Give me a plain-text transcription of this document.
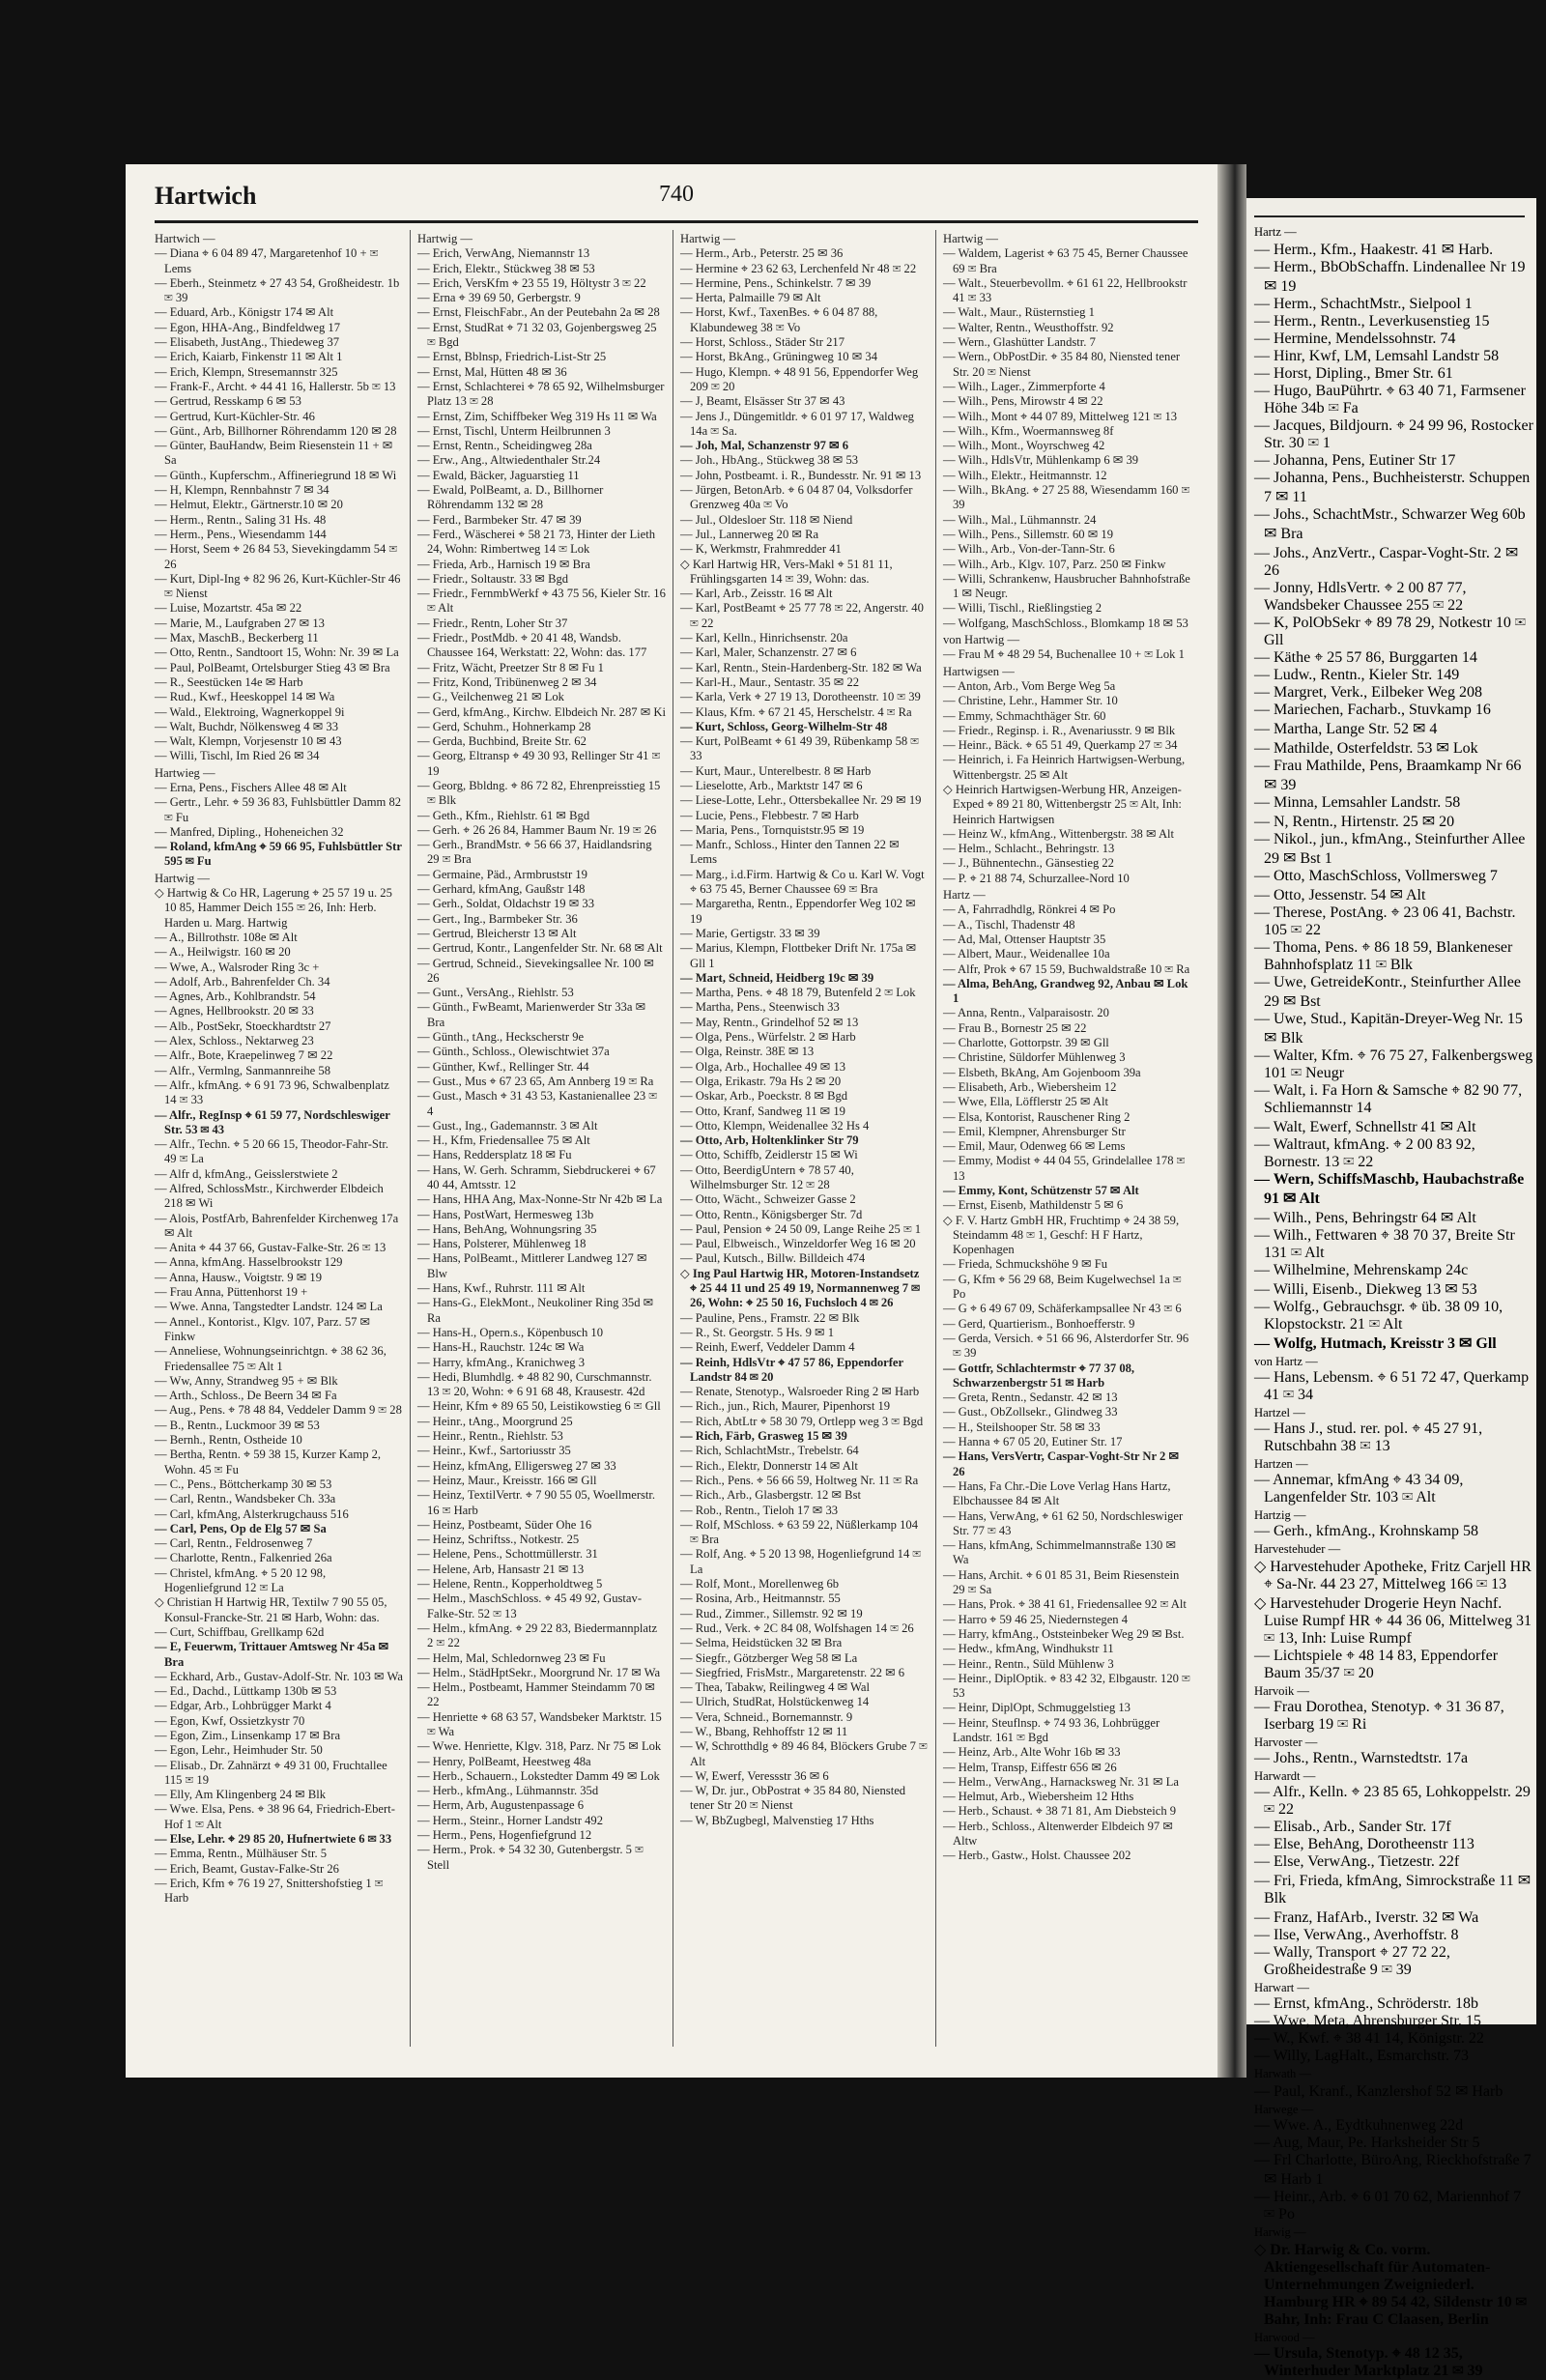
Hartwich	740

Hartwich —

— Diana ⌖ 6 04 89 47, Margaretenhof 10 + ✉ Lems

— Eberh., Steinmetz ⌖ 27 43 54, Großheidestr. 1b ✉ 39

— Eduard, Arb., Königstr 174 ✉ Alt

— Egon, HHA-Ang., Bindfeldweg 17

— Elisabeth, JustAng., Thiedeweg 37

— Erich, Kaiarb, Finkenstr 11 ✉ Alt 1

— Erich, Klempn, Stresemannstr 325

— Frank-F., Archt. ⌖ 44 41 16, Hallerstr. 5b ✉ 13

— Gertrud, Resskamp 6 ✉ 53

— Gertrud, Kurt-Küchler-Str. 46

— Günt., Arb, Billhorner Röhrendamm 120 ✉ 28

— Günter, BauHandw, Beim Riesenstein 11 + ✉ Sa

— Günth., Kupferschm., Affineriegrund 18 ✉ Wi

— H, Klempn, Rennbahnstr 7 ✉ 34

— Helmut, Elektr., Gärtnerstr.10 ✉ 20

— Herm., Rentn., Saling 31 Hs. 48

— Herm., Pens., Wiesendamm 144

— Horst, Seem ⌖ 26 84 53, Sievekingdamm 54 ✉ 26

— Kurt, Dipl-Ing ⌖ 82 96 26, Kurt-Küchler-Str 46 ✉ Nienst

— Luise, Mozartstr. 45a ✉ 22

— Marie, M., Laufgraben 27 ✉ 13

— Max, MaschB., Beckerberg 11

— Otto, Rentn., Sandtoort 15, Wohn: Nr. 39 ✉ La

— Paul, PolBeamt, Ortelsburger Stieg 43 ✉ Bra

— R., Seestücken 14e ✉ Harb

— Rud., Kwf., Heeskoppel 14 ✉ Wa

— Wald., Elektroing, Wagnerkoppel 9i

— Walt, Buchdr, Nölkensweg 4 ✉ 33

— Walt, Klempn, Vorjesenstr 10 ✉ 43

— Willi, Tischl, Im Ried 26 ✉ 34

Hartwieg —

— Erna, Pens., Fischers Allee 48 ✉ Alt

— Gertr., Lehr. ⌖ 59 36 83, Fuhlsbüttler Damm 82 ✉ Fu

— Manfred, Dipling., Hoheneichen 32

— Roland, kfmAng ⌖ 59 66 95, Fuhlsbüttler Str 595 ✉ Fu

Hartwig —

◇ Hartwig & Co HR, Lagerung ⌖ 25 57 19 u. 25 10 85, Hammer Deich 155 ✉ 26, Inh: Herb. Harden u. Marg. Hartwig

— A., Billrothstr. 108e ✉ Alt

— A., Heilwigstr. 160 ✉ 20

— Wwe, A., Walsroder Ring 3c +

— Adolf, Arb., Bahrenfelder Ch. 34

— Agnes, Arb., Kohlbrandstr. 54

— Agnes, Hellbrookstr. 20 ✉ 33

— Alb., PostSekr, Stoeckhardtstr 27

— Alex, Schloss., Nektarweg 23

— Alfr., Bote, Kraepelinweg 7 ✉ 22

— Alfr., Vermlng, Sanmannreihe 58

— Alfr., kfmAng. ⌖ 6 91 73 96, Schwalbenplatz 14 ✉ 33

— Alfr., RegInsp ⌖ 61 59 77, Nordschleswiger Str. 53 ✉ 43

— Alfr., Techn. ⌖ 5 20 66 15, Theodor-Fahr-Str. 49 ✉ La

— Alfr d, kfmAng., Geisslerstwiete 2

— Alfred, SchlossMstr., Kirchwerder Elbdeich 218 ✉ Wi

— Alois, PostfArb, Bahrenfelder Kirchenweg 17a ✉ Alt

— Anita ⌖ 44 37 66, Gustav-Falke-Str. 26 ✉ 13

— Anna, kfmAng. Hasselbrookstr 129

— Anna, Hausw., Voigtstr. 9 ✉ 19

— Frau Anna, Püttenhorst 19 +

— Wwe. Anna, Tangstedter Landstr. 124 ✉ La

— Annel., Kontorist., Klgv. 107, Parz. 57 ✉ Finkw

— Anneliese, Wohnungseinrichtgn. ⌖ 38 62 36, Friedensallee 75 ✉ Alt 1

— Ww, Anny, Strandweg 95 + ✉ Blk

— Arth., Schloss., De Beern 34 ✉ Fa

— Aug., Pens. ⌖ 78 48 84, Veddeler Damm 9 ✉ 28

— B., Rentn., Luckmoor 39 ✉ 53

— Bernh., Rentn, Ostheide 10

— Bertha, Rentn. ⌖ 59 38 15, Kurzer Kamp 2, Wohn. 45 ✉ Fu

— C., Pens., Böttcherkamp 30 ✉ 53

— Carl, Rentn., Wandsbeker Ch. 33a

— Carl, kfmAng, Alsterkrugchauss 516

— Carl, Pens, Op de Elg 57 ✉ Sa

— Carl, Rentn., Feldrosenweg 7

— Charlotte, Rentn., Falkenried 26a

— Christel, kfmAng. ⌖ 5 20 12 98, Hogenliefgrund 12 ✉ La

◇ Christian H Hartwig HR, Textilw 7 90 55 05, Konsul-Francke-Str. 21 ✉ Harb, Wohn: das.

— Curt, Schiffbau, Grellkamp 62d

— E, Feuerwm, Trittauer Amtsweg Nr 45a ✉ Bra

— Eckhard, Arb., Gustav-Adolf-Str. Nr. 103 ✉ Wa

— Ed., Dachd., Lüttkamp 130b ✉ 53

— Edgar, Arb., Lohbrügger Markt 4

— Egon, Kwf, Ossietzkystr 70

— Egon, Zim., Linsenkamp 17 ✉ Bra

— Egon, Lehr., Heimhuder Str. 50

— Elisab., Dr. Zahnärzt ⌖ 49 31 00, Fruchtallee 115 ✉ 19

— Elly, Am Klingenberg 24 ✉ Blk

— Wwe. Elsa, Pens. ⌖ 38 96 64, Friedrich-Ebert-Hof 1 ✉ Alt

— Else, Lehr. ⌖ 29 85 20, Hufnertwiete 6 ✉ 33

— Emma, Rentn., Mülhäuser Str. 5

— Erich, Beamt, Gustav-Falke-Str 26

— Erich, Kfm ⌖ 76 19 27, Snittershofstieg 1 ✉ Harb

Hartwig —

— Erich, VerwAng, Niemannstr 13

— Erich, Elektr., Stückweg 38 ✉ 53

— Erich, VersKfm ⌖ 23 55 19, Höltystr 3 ✉ 22

— Erna ⌖ 39 69 50, Gerbergstr. 9

— Ernst, FleischFabr., An der Peutebahn 2a ✉ 28

— Ernst, StudRat ⌖ 71 32 03, Gojenbergsweg 25 ✉ Bgd

— Ernst, Bblnsp, Friedrich-List-Str 25

— Ernst, Mal, Hütten 48 ✉ 36

— Ernst, Schlachterei ⌖ 78 65 92, Wilhelmsburger Platz 13 ✉ 28

— Ernst, Zim, Schiffbeker Weg 319 Hs 11 ✉ Wa

— Ernst, Tischl, Unterm Heilbrunnen 3

— Ernst, Rentn., Scheidingweg 28a

— Erw., Ang., Altwiedenthaler Str.24

— Ewald, Bäcker, Jaguarstieg 11

— Ewald, PolBeamt, a. D., Billhorner Röhrendamm 132 ✉ 28

— Ferd., Barmbeker Str. 47 ✉ 39

— Ferd., Wäscherei ⌖ 58 21 73, Hinter der Lieth 24, Wohn: Rimbertweg 14 ✉ Lok

— Frieda, Arb., Harnisch 19 ✉ Bra

— Friedr., Soltaustr. 33 ✉ Bgd

— Friedr., FernmbWerkf ⌖ 43 75 56, Kieler Str. 16 ✉ Alt

— Friedr., Rentn, Loher Str 37

— Friedr., PostMdb. ⌖ 20 41 48, Wandsb. Chaussee 164, Werkstatt: 22, Wohn: das. 177

— Fritz, Wächt, Preetzer Str 8 ✉ Fu 1

— Fritz, Kond, Tribünenweg 2 ✉ 34

— G., Veilchenweg 21 ✉ Lok

— Gerd, kfmAng., Kirchw. Elbdeich Nr. 287 ✉ Ki

— Gerd, Schuhm., Hohnerkamp 28

— Gerda, Buchbind, Breite Str. 62

— Georg, Eltransp ⌖ 49 30 93, Rellinger Str 41 ✉ 19

— Georg, Bbldng. ⌖ 86 72 82, Ehrenpreisstieg 15 ✉ Blk

— Geth., Kfm., Riehlstr. 61 ✉ Bgd

— Gerh. ⌖ 26 26 84, Hammer Baum Nr. 19 ✉ 26

— Gerh., BrandMstr. ⌖ 56 66 37, Haidlandsring 29 ✉ Bra

— Germaine, Päd., Armbruststr 19

— Gerhard, kfmAng, Gaußstr 148

— Gerh., Soldat, Oldachstr 19 ✉ 33

— Gert., Ing., Barmbeker Str. 36

— Gertrud, Bleicherstr 13 ✉ Alt

— Gertrud, Kontr., Langenfelder Str. Nr. 68 ✉ Alt

— Gertrud, Schneid., Sievekingsallee Nr. 100 ✉ 26

— Gunt., VersAng., Riehlstr. 53

— Günth., FwBeamt, Marienwerder Str 33a ✉ Bra

— Günth., tAng., Heckscherstr 9e

— Günth., Schloss., Olewischtwiet 37a

— Günther, Kwf., Rellinger Str. 44

— Gust., Mus ⌖ 67 23 65, Am Annberg 19 ✉ Ra

— Gust., Masch ⌖ 31 43 53, Kastanienallee 23 ✉ 4

— Gust., Ing., Gademannstr. 3 ✉ Alt

— H., Kfm, Friedensallee 75 ✉ Alt

— Hans, Reddersplatz 18 ✉ Fu

— Hans, W. Gerh. Schramm, Siebdruckerei ⌖ 67 40 44, Amtsstr. 12

— Hans, HHA Ang, Max-Nonne-Str Nr 42b ✉ La

— Hans, PostWart, Hermesweg 13b

— Hans, BehAng, Wohnungsring 35

— Hans, Polsterer, Mühlenweg 18

— Hans, PolBeamt., Mittlerer Landweg 127 ✉ Blw

— Hans, Kwf., Ruhrstr. 111 ✉ Alt

— Hans-G., ElekMont., Neukoliner Ring 35d ✉ Ra

— Hans-H., Opern.s., Köpenbusch 10

— Hans-H., Rauchstr. 124c ✉ Wa

— Harry, kfmAng., Kranichweg 3

— Hedi, Blumhdlg. ⌖ 48 82 90, Curschmannstr. 13 ✉ 20, Wohn: ⌖ 6 91 68 48, Krausestr. 42d

— Heinr, Kfm ⌖ 89 65 50, Leistikowstieg 6 ✉ Gll

— Heinr., tAng., Moorgrund 25

— Heinr., Rentn., Riehlstr. 53

— Heinr., Kwf., Sartoriusstr 35

— Heinz, kfmAng, Elligersweg 27 ✉ 33

— Heinz, Maur., Kreisstr. 166 ✉ Gll

— Heinz, TextilVertr. ⌖ 7 90 55 05, Woellmerstr. 16 ✉ Harb

— Heinz, Postbeamt, Süder Ohe 16

— Heinz, Schriftss., Notkestr. 25

— Helene, Pens., Schottmüllerstr. 31

— Helene, Arb, Hansastr 21 ✉ 13

— Helene, Rentn., Kopperholdtweg 5

— Helm., MaschSchloss. ⌖ 45 49 92, Gustav-Falke-Str. 52 ✉ 13

— Helm., kfmAng. ⌖ 29 22 83, Biedermannplatz 2 ✉ 22

— Helm, Mal, Schledornweg 23 ✉ Fu

— Helm., StädHptSekr., Moorgrund Nr. 17 ✉ Wa

— Helm., Postbeamt, Hammer Steindamm 70 ✉ 22

— Henriette ⌖ 68 63 57, Wandsbeker Marktstr. 15 ✉ Wa

— Wwe. Henriette, Klgv. 318, Parz. Nr 75 ✉ Lok

— Henry, PolBeamt, Heestweg 48a

— Herb., Schauern., Lokstedter Damm 49 ✉ Lok

— Herb., kfmAng., Lühmannstr. 35d

— Herm, Arb, Augustenpassage 6

— Herm., Steinr., Horner Landstr 492

— Herm., Pens, Hogenfiefgrund 12

— Herm., Prok. ⌖ 54 32 30, Gutenbergstr. 5 ✉ Stell

Hartwig —

— Herm., Arb., Peterstr. 25 ✉ 36

— Hermine ⌖ 23 62 63, Lerchenfeld Nr 48 ✉ 22

— Hermine, Pens., Schinkelstr. 7 ✉ 39

— Herta, Palmaille 79 ✉ Alt

— Horst, Kwf., TaxenBes. ⌖ 6 04 87 88, Klabundeweg 38 ✉ Vo

— Horst, Schloss., Städer Str 217

— Horst, BkAng., Grüningweg 10 ✉ 34

— Hugo, Klempn. ⌖ 48 91 56, Eppendorfer Weg 209 ✉ 20

— J, Beamt, Elsässer Str 37 ✉ 43

— Jens J., Düngemitldr. ⌖ 6 01 97 17, Waldweg 14a ✉ Sa.

— Joh, Mal, Schanzenstr 97 ✉ 6

— Joh., HbAng., Stückweg 38 ✉ 53

— John, Postbeamt. i. R., Bundesstr. Nr. 91 ✉ 13

— Jürgen, BetonArb. ⌖ 6 04 87 04, Volksdorfer Grenzweg 40a ✉ Vo

— Jul., Oldesloer Str. 118 ✉ Niend

— Jul., Lannerweg 20 ✉ Ra

— K, Werkmstr, Frahmredder 41

◇ Karl Hartwig HR, Vers-Makl ⌖ 51 81 11, Frühlingsgarten 14 ✉ 39, Wohn: das.

— Karl, Arb., Zeisstr. 16 ✉ Alt

— Karl, PostBeamt ⌖ 25 77 78 ✉ 22, Angerstr. 40 ✉ 22

— Karl, Kelln., Hinrichsenstr. 20a

— Karl, Maler, Schanzenstr. 27 ✉ 6

— Karl, Rentn., Stein-Hardenberg-Str. 182 ✉ Wa

— Karl-H., Maur., Sentastr. 35 ✉ 22

— Karla, Verk ⌖ 27 19 13, Dorotheenstr. 10 ✉ 39

— Klaus, Kfm. ⌖ 67 21 45, Herschelstr. 4 ✉ Ra

— Kurt, Schloss, Georg-Wilhelm-Str 48

— Kurt, PolBeamt ⌖ 61 49 39, Rübenkamp 58 ✉ 33

— Kurt, Maur., Unterelbestr. 8 ✉ Harb

— Lieselotte, Arb., Marktstr 147 ✉ 6

— Liese-Lotte, Lehr., Ottersbekallee Nr. 29 ✉ 19

— Lucie, Pens., Flebbestr. 7 ✉ Harb

— Maria, Pens., Tornquiststr.95 ✉ 19

— Manfr., Schloss., Hinter den Tannen 22 ✉ Lems

— Marg., i.d.Firm. Hartwig & Co u. Karl W. Vogt ⌖ 63 75 45, Berner Chaussee 69 ✉ Bra

— Margaretha, Rentn., Eppendorfer Weg 102 ✉ 19

— Marie, Gertigstr. 33 ✉ 39

— Marius, Klempn, Flottbeker Drift Nr. 175a ✉ Gll 1

— Mart, Schneid, Heidberg 19c ✉ 39

— Martha, Pens. ⌖ 48 18 79, Butenfeld 2 ✉ Lok

— Martha, Pens., Steenwisch 33

— May, Rentn., Grindelhof 52 ✉ 13

— Olga, Pens., Würfelstr. 2 ✉ Harb

— Olga, Reinstr. 38E ✉ 13

— Olga, Arb., Hochallee 49 ✉ 13

— Olga, Erikastr. 79a Hs 2 ✉ 20

— Oskar, Arb., Poeckstr. 8 ✉ Bgd

— Otto, Kranf, Sandweg 11 ✉ 19

— Otto, Klempn, Weidenallee 32 Hs 4

— Otto, Arb, Holtenklinker Str 79

— Otto, Schiffb, Zeidlerstr 15 ✉ Wi

— Otto, BeerdigUntern ⌖ 78 57 40, Wilhelmsburger Str. 12 ✉ 28

— Otto, Wächt., Schweizer Gasse 2

— Otto, Rentn., Königsberger Str. 7d

— Paul, Pension ⌖ 24 50 09, Lange Reihe 25 ✉ 1

— Paul, Elbweisch., Winzeldorfer Weg 16 ✉ 20

— Paul, Kutsch., Billw. Billdeich 474

◇ Ing Paul Hartwig HR, Motoren-Instandsetz ⌖ 25 44 11 und 25 49 19, Normannenweg 7 ✉ 26, Wohn: ⌖ 25 50 16, Fuchsloch 4 ✉ 26

— Pauline, Pens., Framstr. 22 ✉ Blk

— R., St. Georgstr. 5 Hs. 9 ✉ 1

— Reinh, Ewerf, Veddeler Damm 4

— Reinh, HdlsVtr ⌖ 47 57 86, Eppendorfer Landstr 84 ✉ 20

— Renate, Stenotyp., Walsroeder Ring 2 ✉ Harb

— Rich., jun., Rich, Maurer, Pipenhorst 19

— Rich, AbtLtr ⌖ 58 30 79, Ortlepp weg 3 ✉ Bgd

— Rich, Färb, Grasweg 15 ✉ 39

— Rich, SchlachtMstr., Trebelstr. 64

— Rich., Elektr, Donnerstr 14 ✉ Alt

— Rich., Pens. ⌖ 56 66 59, Holtweg Nr. 11 ✉ Ra

— Rich., Arb., Glasbergstr. 12 ✉ Bst

— Rob., Rentn., Tieloh 17 ✉ 33

— Rolf, MSchloss. ⌖ 63 59 22, Nüßlerkamp 104 ✉ Bra

— Rolf, Ang. ⌖ 5 20 13 98, Hogenliefgrund 14 ✉ La

— Rolf, Mont., Morellenweg 6b

— Rosina, Arb., Heitmannstr. 55

— Rud., Zimmer., Sillemstr. 92 ✉ 19

— Rud., Verk. ⌖ 2C 84 08, Wolfshagen 14 ✉ 26

— Selma, Heidstücken 32 ✉ Bra

— Siegfr., Götzberger Weg 58 ✉ La

— Siegfried, FrisMstr., Margaretenstr. 22 ✉ 6

— Thea, Tabakw, Reilingweg 4 ✉ Wal

— Ulrich, StudRat, Holstückenweg 14

— Vera, Schneid., Bornemannstr. 9

— W., Bbang, Rehhoffstr 12 ✉ 11

— W, Schrotthdlg ⌖ 89 46 84, Blöckers Grube 7 ✉ Alt

— W, Ewerf, Veressstr 36 ✉ 6

— W, Dr. jur., ObPostrat ⌖ 35 84 80, Niensted tener Str 20 ✉ Nienst

— W, BbZugbegl, Malvenstieg 17 Hths

Hartwig —

— Waldem, Lagerist ⌖ 63 75 45, Berner Chaussee 69 ✉ Bra

— Walt., Steuerbevollm. ⌖ 61 61 22, Hellbrookstr 41 ✉ 33

— Walt., Maur., Rüsternstieg 1

— Walter, Rentn., Weusthoffstr. 92

— Wern., Glashütter Landstr. 7

— Wern., ObPostDir. ⌖ 35 84 80, Niensted tener Str. 20 ✉ Nienst

— Wilh., Lager., Zimmerpforte 4

— Wilh., Pens, Mirowstr 4 ✉ 22

— Wilh., Mont ⌖ 44 07 89, Mittelweg 121 ✉ 13

— Wilh., Kfm., Woermannsweg 8f

— Wilh., Mont., Woyrschweg 42

— Wilh., HdlsVtr, Mühlenkamp 6 ✉ 39

— Wilh., Elektr., Heitmannstr. 12

— Wilh., BkAng. ⌖ 27 25 88, Wiesendamm 160 ✉ 39

— Wilh., Mal., Lühmannstr. 24

— Wilh., Pens., Sillemstr. 60 ✉ 19

— Wilh., Arb., Von-der-Tann-Str. 6

— Wilh., Arb., Klgv. 107, Parz. 250 ✉ Finkw

— Willi, Schrankenw, Hausbrucher Bahnhofstraße 1 ✉ Neugr.

— Willi, Tischl., Rießlingstieg 2

— Wolfgang, MaschSchloss., Blomkamp 18 ✉ 53

von Hartwig —

— Frau M ⌖ 48 29 54, Buchenallee 10 + ✉ Lok 1

Hartwigsen —

— Anton, Arb., Vom Berge Weg 5a

— Christine, Lehr., Hammer Str. 10

— Emmy, Schmachthäger Str. 60

— Friedr., Reginsp. i. R., Avenariusstr. 9 ✉ Blk

— Heinr., Bäck. ⌖ 65 51 49, Querkamp 27 ✉ 34

— Heinrich, i. Fa Heinrich Hartwigsen-Werbung, Wittenbergstr. 25 ✉ Alt

◇ Heinrich Hartwigsen-Werbung HR, Anzeigen-Exped ⌖ 89 21 80, Wittenbergstr 25 ✉ Alt, Inh: Heinrich Hartwigsen

— Heinz W., kfmAng., Wittenbergstr. 38 ✉ Alt

— Helm., Schlacht., Behringstr. 13

— J., Bühnentechn., Gänsestieg 22

— P. ⌖ 21 88 74, Schurzallee-Nord 10

Hartz —

— A, Fahrradhdlg, Rönkrei 4 ✉ Po

— A., Tischl, Thadenstr 48

— Ad, Mal, Ottenser Hauptstr 35

— Albert, Maur., Weidenallee 10a

— Alfr, Prok ⌖ 67 15 59, Buchwaldstraße 10 ✉ Ra

— Alma, BehAng, Grandweg 92, Anbau ✉ Lok 1

— Anna, Rentn., Valparaisostr. 20

— Frau B., Bornestr 25 ✉ 22

— Charlotte, Gottorpstr. 39 ✉ Gll

— Christine, Süldorfer Mühlenweg 3

— Elsbeth, BkAng, Am Gojenboom 39a

— Elisabeth, Arb., Wiebersheim 12

— Wwe, Ella, Löfflerstr 25 ✉ Alt

— Elsa, Kontorist, Rauschener Ring 2

— Emil, Klempner, Ahrensburger Str

— Emil, Maur, Odenweg 66 ✉ Lems

— Emmy, Modist ⌖ 44 04 55, Grindelallee 178 ✉ 13

— Emmy, Kont, Schützenstr 57 ✉ Alt

— Ernst, Eisenb, Mathildenstr 5 ✉ 6

◇ F. V. Hartz GmbH HR, Fruchtimp ⌖ 24 38 59, Steindamm 48 ✉ 1, Geschf: H F Hartz, Kopenhagen

— Frieda, Schmuckshöhe 9 ✉ Fu

— G, Kfm ⌖ 56 29 68, Beim Kugelwechsel 1a ✉ Po

— G ⌖ 6 49 67 09, Schäferkampsallee Nr 43 ✉ 6

— Gerd, Quartierism., Bonhoefferstr. 9

— Gerda, Versich. ⌖ 51 66 96, Alsterdorfer Str. 96 ✉ 39

— Gottfr, Schlachtermstr ⌖ 77 37 08, Schwarzenbergstr 51 ✉ Harb

— Greta, Rentn., Sedanstr. 42 ✉ 13

— Gust., ObZollsekr., Glindweg 33

— H., Steilshooper Str. 58 ✉ 33

— Hanna ⌖ 67 05 20, Eutiner Str. 17

— Hans, VersVertr, Caspar-Voght-Str Nr 2 ✉ 26

— Hans, Fa Chr.-Die Love Verlag Hans Hartz, Elbchaussee 84 ✉ Alt

— Hans, VerwAng, ⌖ 61 62 50, Nordschleswiger Str. 77 ✉ 43

— Hans, kfmAng, Schimmelmannstraße 130 ✉ Wa

— Hans, Archit. ⌖ 6 01 85 31, Beim Riesenstein 29 ✉ Sa

— Hans, Prok. ⌖ 38 41 61, Friedensallee 92 ✉ Alt

— Harro ⌖ 59 46 25, Niedernstegen 4

— Harry, kfmAng., Oststeinbeker Weg 29 ✉ Bst.

— Hedw., kfmAng, Windhukstr 11

— Heinr., Rentn., Süld Mühlenw 3

— Heinr., DiplOptik. ⌖ 83 42 32, Elbgaustr. 120 ✉ 53

— Heinr, DiplOpt, Schmuggelstieg 13

— Heinr, Steuflnsp. ⌖ 74 93 36, Lohbrügger Landstr. 161 ✉ Bgd

— Heinz, Arb., Alte Wohr 16b ✉ 33

— Helm, Transp, Eiffestr 656 ✉ 26

— Helm., VerwAng., Harnacksweg Nr. 31 ✉ La

— Helmut, Arb., Wiebersheim 12 Hths

— Herb., Schaust. ⌖ 38 71 81, Am Diebsteich 9

— Herb., Schloss., Altenwerder Elbdeich 97 ✉ Altw

— Herb., Gastw., Holst. Chaussee 202

Hartz —

— Herm., Kfm., Haakestr. 41 ✉ Harb.

— Herm., BbObSchaffn. Lindenallee Nr 19 ✉ 19

— Herm., SchachtMstr., Sielpool 1

— Herm., Rentn., Leverkusenstieg 15

— Hermine, Mendelssohnstr. 74

— Hinr, Kwf, LM, Lemsahl Landstr 58

— Horst, Dipling., Bmer Str. 61

— Hugo, BauPührtr. ⌖ 63 40 71, Farmsener Höhe 34b ✉ Fa

— Jacques, Bildjourn. ⌖ 24 99 96, Rostocker Str. 30 ✉ 1

— Johanna, Pens, Eutiner Str 17

— Johanna, Pens., Buchheisterstr. Schuppen 7 ✉ 11

— Johs., SchachtMstr., Schwarzer Weg 60b ✉ Bra

— Johs., AnzVertr., Caspar-Voght-Str. 2 ✉ 26

— Jonny, HdlsVertr. ⌖ 2 00 87 77, Wandsbeker Chaussee 255 ✉ 22

— K, PolObSekr ⌖ 89 78 29, Notkestr 10 ✉ Gll

— Käthe ⌖ 25 57 86, Burggarten 14

— Ludw., Rentn., Kieler Str. 149

— Margret, Verk., Eilbeker Weg 208

— Mariechen, Facharb., Stuvkamp 16

— Martha, Lange Str. 52 ✉ 4

— Mathilde, Osterfeldstr. 53 ✉ Lok

— Frau Mathilde, Pens, Braamkamp Nr 66 ✉ 39

— Minna, Lemsahler Landstr. 58

— N, Rentn., Hirtenstr. 25 ✉ 20

— Nikol., jun., kfmAng., Steinfurther Allee 29 ✉ Bst 1

— Otto, MaschSchloss, Vollmersweg 7

— Otto, Jessenstr. 54 ✉ Alt

— Therese, PostAng. ⌖ 23 06 41, Bachstr. 105 ✉ 22

— Thoma, Pens. ⌖ 86 18 59, Blankeneser Bahnhofsplatz 11 ✉ Blk

— Uwe, GetreideKontr., Steinfurther Allee 29 ✉ Bst

— Uwe, Stud., Kapitän-Dreyer-Weg Nr. 15 ✉ Blk

— Walter, Kfm. ⌖ 76 75 27, Falkenbergsweg 101 ✉ Neugr

— Walt, i. Fa Horn & Samsche ⌖ 82 90 77, Schliemannstr 14

— Walt, Ewerf, Schnellstr 41 ✉ Alt

— Waltraut, kfmAng. ⌖ 2 00 83 92, Bornestr. 13 ✉ 22

— Wern, SchiffsMaschb, Haubachstraße 91 ✉ Alt

— Wilh., Pens, Behringstr 64 ✉ Alt

— Wilh., Fettwaren ⌖ 38 70 37, Breite Str 131 ✉ Alt

— Wilhelmine, Mehrenskamp 24c

— Willi, Eisenb., Diekweg 13 ✉ 53

— Wolfg., Gebrauchsgr. ⌖ üb. 38 09 10, Klopstockstr. 21 ✉ Alt

— Wolfg, Hutmach, Kreisstr 3 ✉ Gll

von Hartz —

— Hans, Lebensm. ⌖ 6 51 72 47, Querkamp 41 ✉ 34

Hartzel —

— Hans J., stud. rer. pol. ⌖ 45 27 91, Rutschbahn 38 ✉ 13

Hartzen —

— Annemar, kfmAng ⌖ 43 34 09, Langenfelder Str. 103 ✉ Alt

Hartzig —

— Gerh., kfmAng., Krohnskamp 58

Harvestehuder —

◇ Harvestehuder Apotheke, Fritz Carjell HR ⌖ Sa-Nr. 44 23 27, Mittelweg 166 ✉ 13

◇ Harvestehuder Drogerie Heyn Nachf. Luise Rumpf HR ⌖ 44 36 06, Mittelweg 31 ✉ 13, Inh: Luise Rumpf

— Lichtspiele ⌖ 48 14 83, Eppendorfer Baum 35/37 ✉ 20

Harvoik —

— Frau Dorothea, Stenotyp. ⌖ 31 36 87, Iserbarg 19 ✉ Ri

Harvoster —

— Johs., Rentn., Warnstedtstr. 17a

Harwardt —

— Alfr., Kelln. ⌖ 23 85 65, Lohkoppelstr. 29 ✉ 22

— Elisab., Arb., Sander Str. 17f

— Else, BehAng, Dorotheenstr 113

— Else, VerwAng., Tietzestr. 22f

— Fri, Frieda, kfmAng, Simrockstraße 11 ✉ Blk

— Franz, HafArb., Iverstr. 32 ✉ Wa

— Ilse, VerwAng., Averhoffstr. 8

— Wally, Transport ⌖ 27 72 22, Großheidestraße 9 ✉ 39

Harwart —

— Ernst, kfmAng., Schröderstr. 18b

— Wwe, Meta, Ahrensburger Str. 15

— W., Kwf. ⌖ 38 41 14, Königstr. 22

— Willy, LagHalt., Esmarchstr. 73

Harwath —

— Paul, Kranf., Kanzlershof 52 ✉ Harb

Harwege —

— Wwe. A., Eydtkuhnenweg 22d

— Aug, Maur, Pe. Harksheider Str 5

— Frl Charlotte, BüroAng, Rieckhofstraße 7 ✉ Harb 1

— Heinr., Arb. ⌖ 6 01 70 62, Mariennhof 7 ✉ Po

Harwig —

◇ Dr. Harwig & Co. vorm. Aktiengesellschaft für Automaten-Unternehmungen Zweigniederl. Hamburg HR ⌖ 89 54 42, Sildenstr 10 ✉ Bahr, Inh: Frau C Claasen, Berlin

Harwood —

— Ursula, Stenotyp. ⌖ 48 12 35, Winterhuder Marktplatz 21 ✉ 39
